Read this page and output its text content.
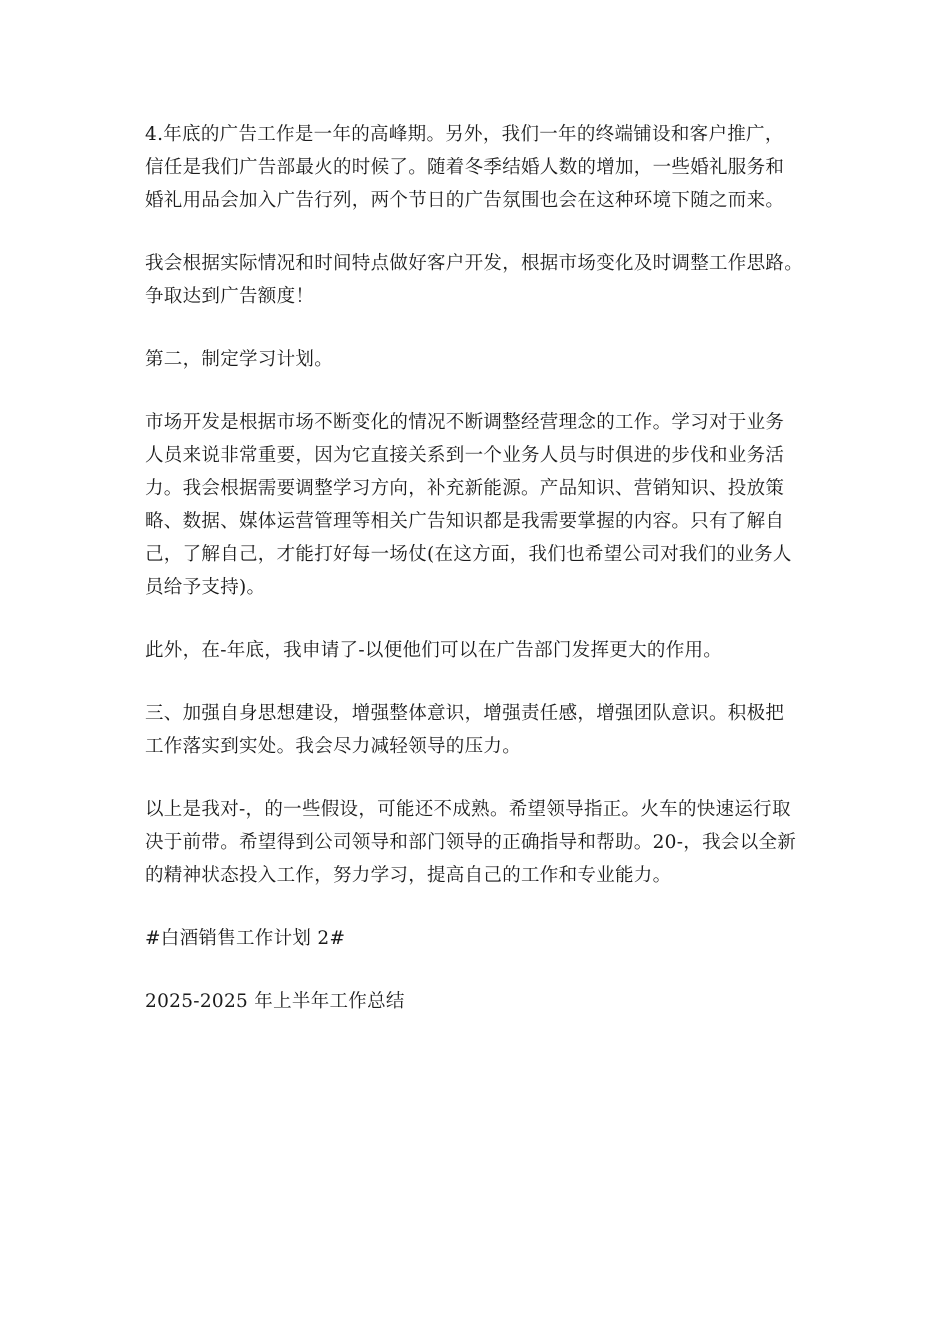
4.年底的广告工作是一年的高峰期。另外，我们一年的终端铺设和客户推广，
信任是我们广告部最火的时候了。随着冬季结婚人数的增加，一些婚礼服务和
婚礼用品会加入广告行列，两个节日的广告氛围也会在这种环境下随之而来。

我会根据实际情况和时间特点做好客户开发，根据市场变化及时调整工作思路。
争取达到广告额度！

第二，制定学习计划。

市场开发是根据市场不断变化的情况不断调整经营理念的工作。学习对于业务
人员来说非常重要，因为它直接关系到一个业务人员与时俱进的步伐和业务活
力。我会根据需要调整学习方向，补充新能源。产品知识、营销知识、投放策
略、数据、媒体运营管理等相关广告知识都是我需要掌握的内容。只有了解自
己，了解自己，才能打好每一场仗(在这方面，我们也希望公司对我们的业务人
员给予支持)。

此外，在-年底，我申请了-以便他们可以在广告部门发挥更大的作用。

三、加强自身思想建设，增强整体意识，增强责任感，增强团队意识。积极把
工作落实到实处。我会尽力减轻领导的压力。

以上是我对-，的一些假设，可能还不成熟。希望领导指正。火车的快速运行取
决于前带。希望得到公司领导和部门领导的正确指导和帮助。20-，我会以全新
的精神状态投入工作，努力学习，提高自己的工作和专业能力。

#白酒销售工作计划 2#

2025-2025 年上半年工作总结
